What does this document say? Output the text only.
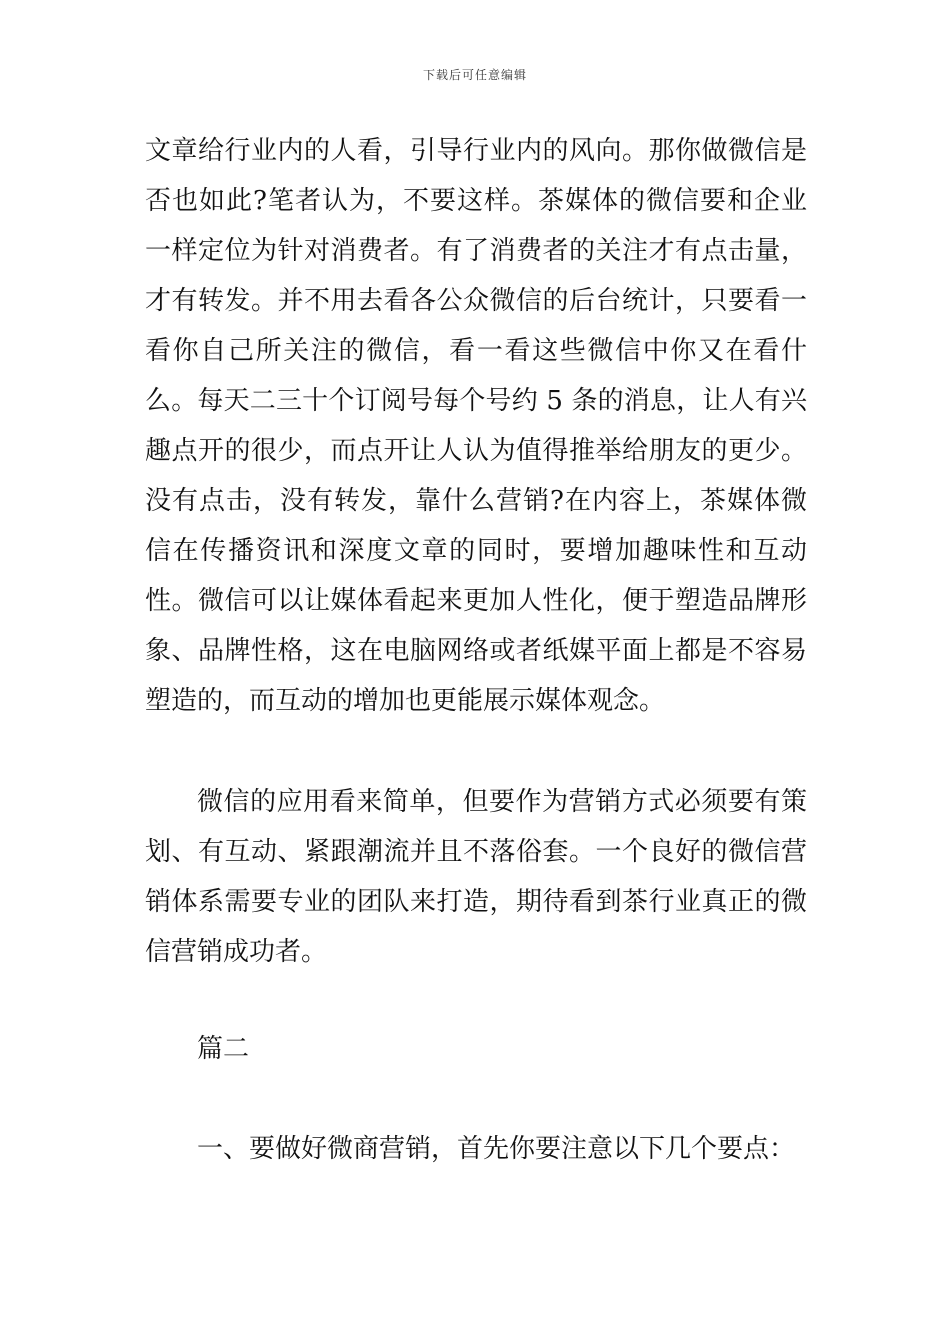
下载后可任意编辑
文章给行业内的人看，引导行业内的风向。那你做微信是否也如此?笔者认为，不要这样。茶媒体的微信要和企业一样定位为针对消费者。有了消费者的关注才有点击量，才有转发。并不用去看各公众微信的后台统计，只要看一看你自己所关注的微信，看一看这些微信中你又在看什么。每天二三十个订阅号每个号约 5 条的消息，让人有兴趣点开的很少，而点开让人认为值得推举给朋友的更少。没有点击，没有转发，靠什么营销?在内容上，茶媒体微信在传播资讯和深度文章的同时，要增加趣味性和互动性。微信可以让媒体看起来更加人性化，便于塑造品牌形象、品牌性格，这在电脑网络或者纸媒平面上都是不容易塑造的，而互动的增加也更能展示媒体观念。
微信的应用看来简单，但要作为营销方式必须要有策划、有互动、紧跟潮流并且不落俗套。一个良好的微信营销体系需要专业的团队来打造，期待看到茶行业真正的微信营销成功者。
篇二
一、要做好微商营销，首先你要注意以下几个要点：
